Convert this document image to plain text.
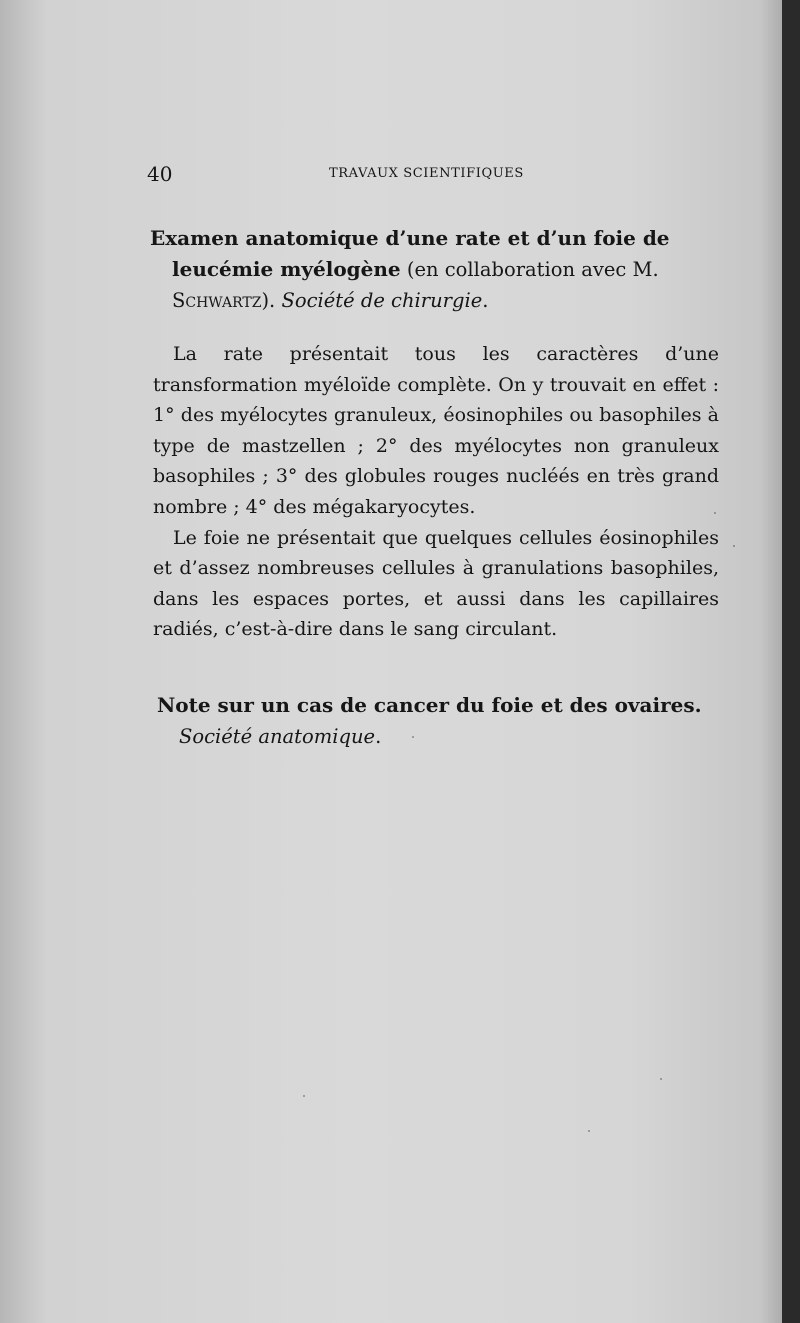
40	TRAVAUX SCIENTIFIQUES

Examen anatomique d’une rate et d’un foie de leucémie myélogène (en collaboration avec M. Schwartz). Société de chirurgie.

La rate présentait tous les caractères d’une transformation myéloïde complète. On y trouvait en effet : 1° des myélocytes granuleux, éosinophiles ou basophiles à type de mastzellen ; 2° des myélocytes non granuleux basophiles ; 3° des globules rouges nucléés en très grand nombre ; 4° des mégakaryocytes.

Le foie ne présentait que quelques cellules éosinophiles et d’assez nombreuses cellules à granulations basophiles, dans les espaces portes, et aussi dans les capillaires radiés, c’est-à-dire dans le sang circulant.

Note sur un cas de cancer du foie et des ovaires. Société anatomique.
